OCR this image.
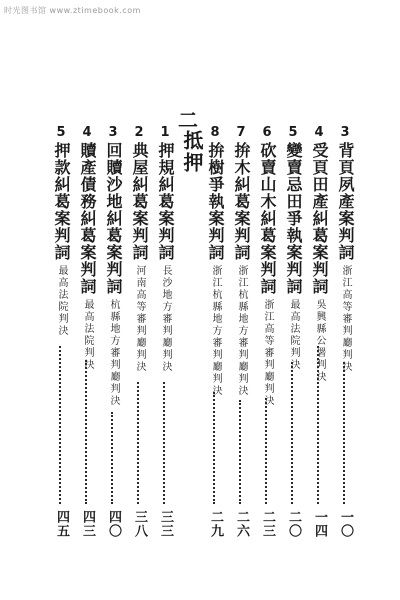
时光图书馆 www.ztimebook.com
3
背頁夙產案判詞
浙江高等審判廳判決
一〇
4
受頁田產糾葛案判詞
吳興縣公署判決
一四
5
變賣忌田爭執案判詞
最高法院判決
二〇
6
砍賣山木糾葛案判詞
浙江高等審判廳判決
二三
7
拚木糾葛案判詞
浙江杭縣地方審判廳判決
二六
8
拚樹爭執案判詞
浙江杭縣地方審判廳判決
二九
二
抵押
1
押規糾葛案判詞
長沙地方審判廳判決
三三
2
典屋糾葛案判詞
河南高等審判廳判決
三八
3
回贖沙地糾葛案判詞
杭縣地方審判廳判決
四〇
4
贖產債務糾葛案判詞
最高法院判決
四三
5
押款糾葛案判詞
最高法院判決
四五
